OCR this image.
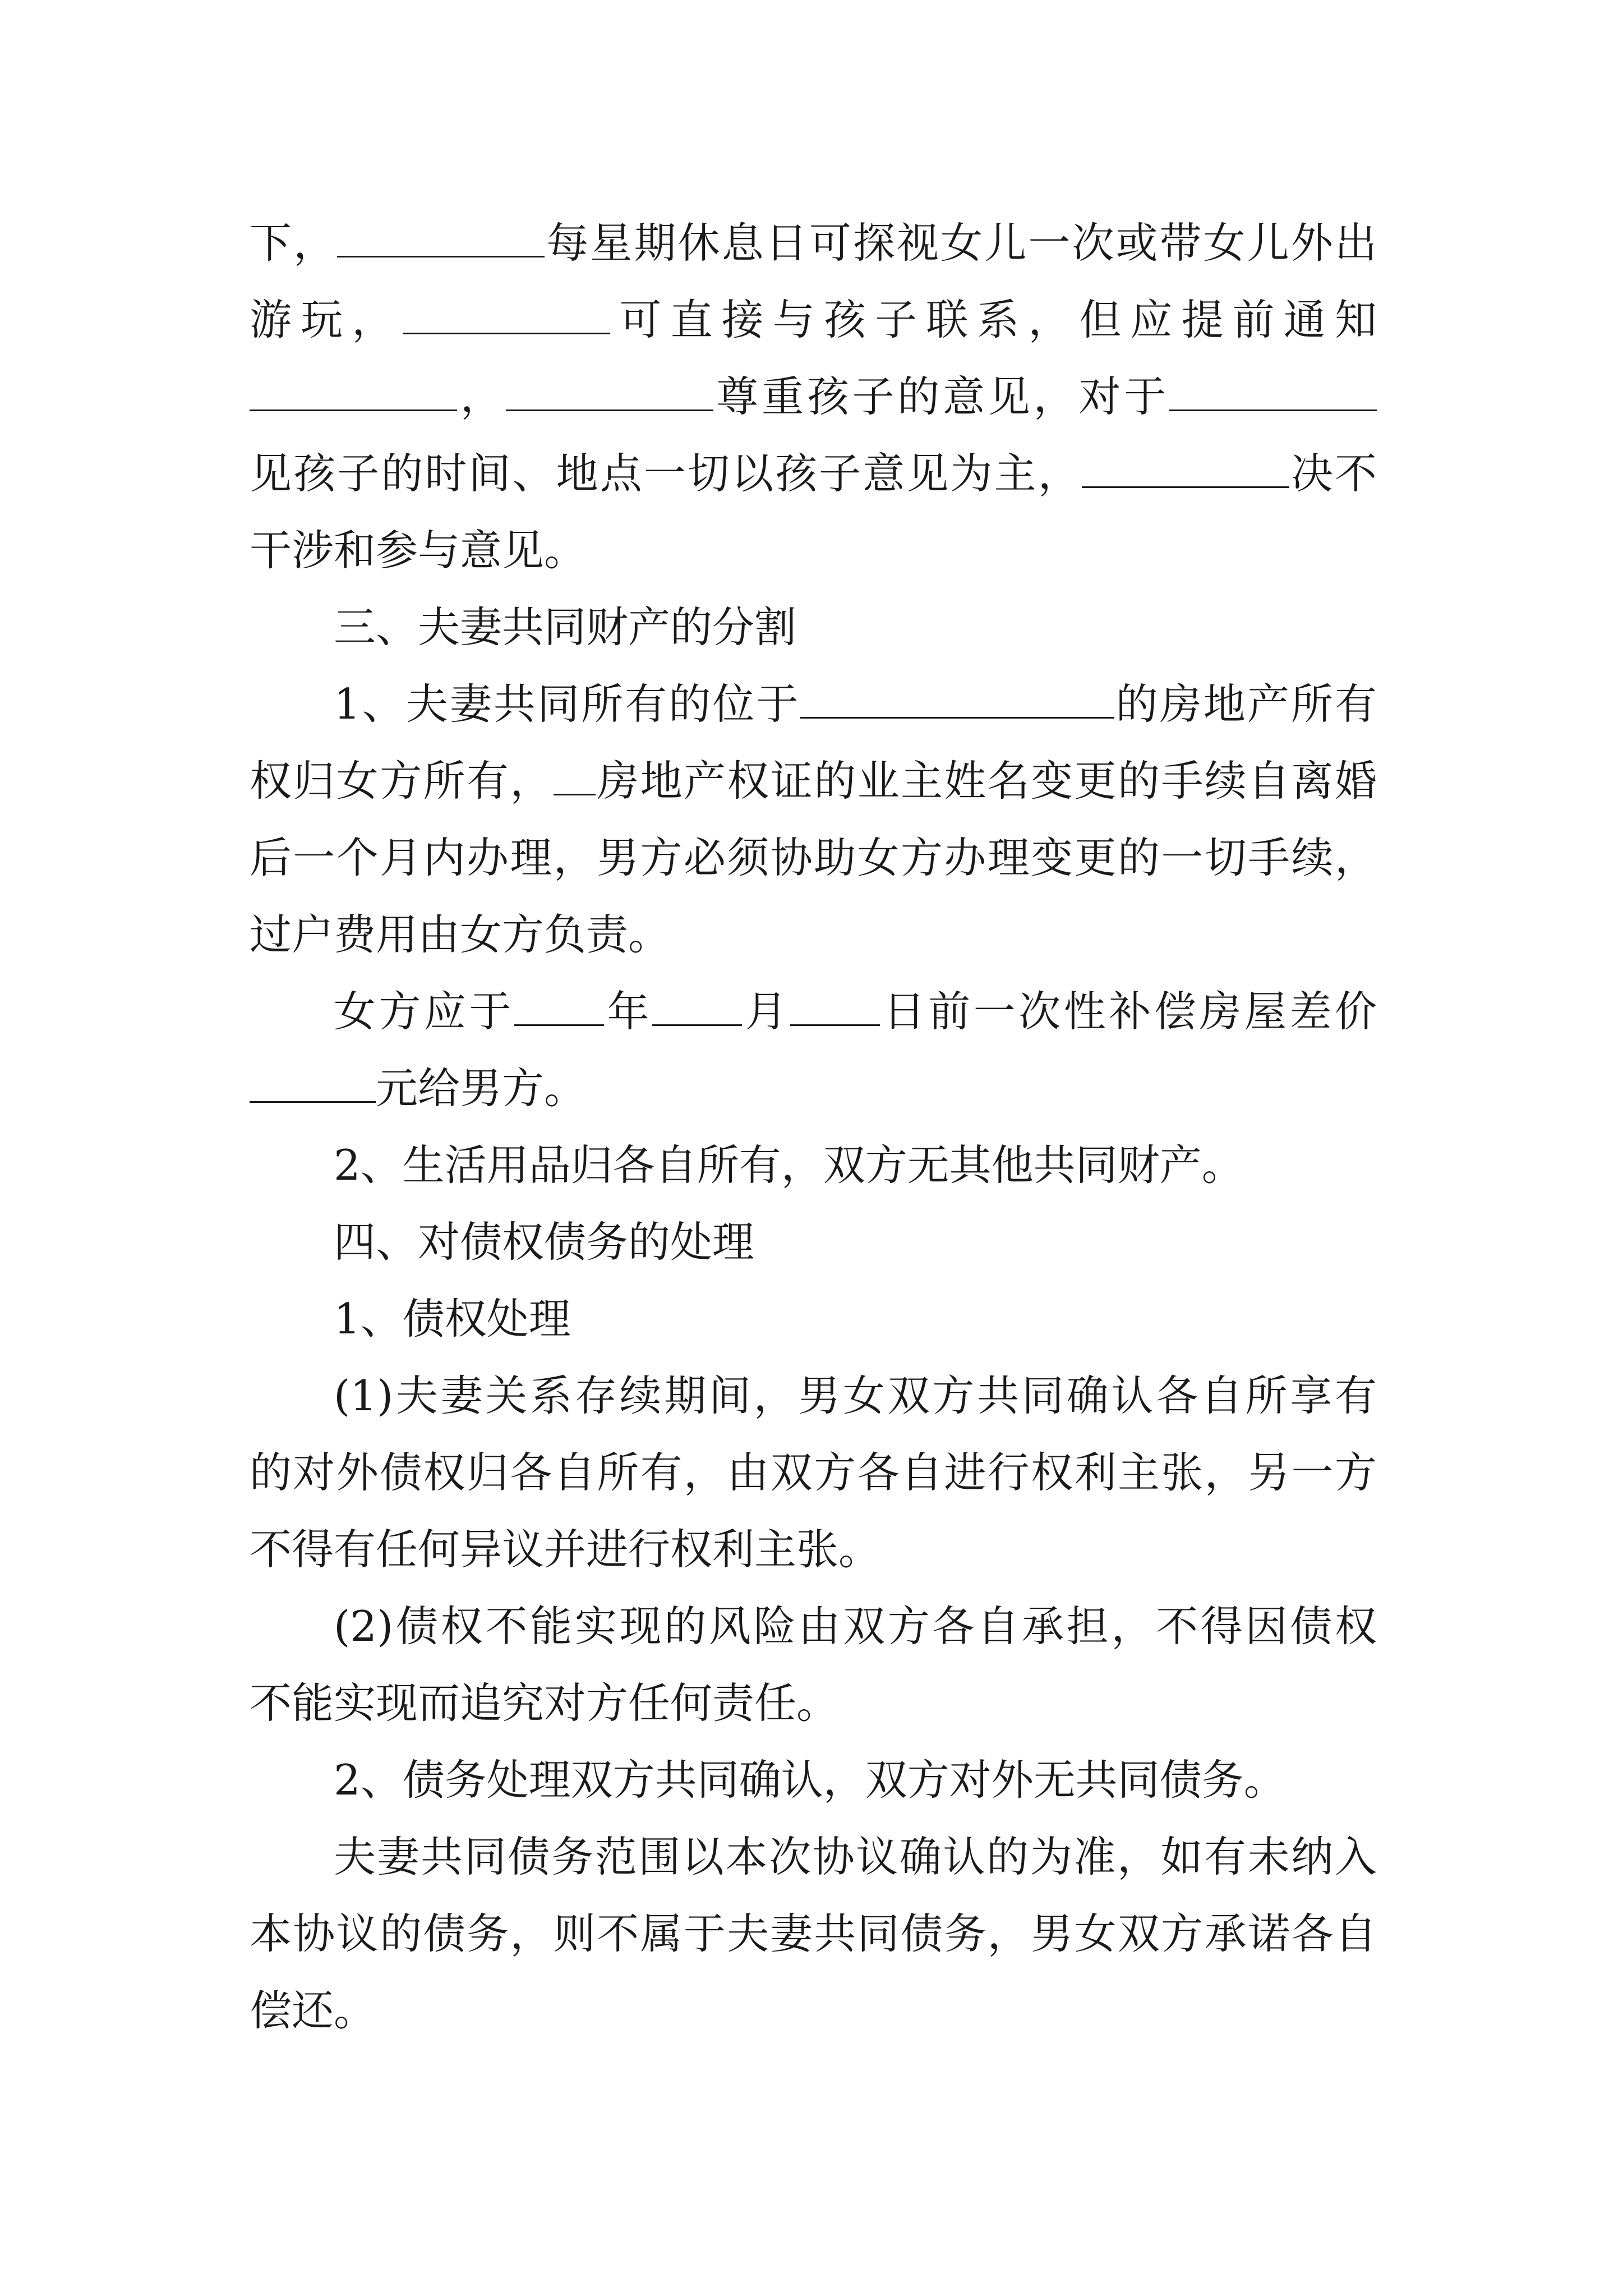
下，	每星期休息日可探视女儿一次或带女儿外出
游玩，	可直接与孩子联系，但应提前通知
，	尊重孩子的意见，对于
见孩子的时间、地点一切以孩子意见为主，	决不
干涉和参与意见。
三、夫妻共同财产的分割
1、夫妻共同所有的位于	的房地产所有
权归女方所有， 房地产权证的业主姓名变更的手续自离婚
后一个月内办理，男方必须协助女方办理变更的一切手续，
过户费用由女方负责。
女方应于 年 月 日前一次性补偿房屋差价
元给男方。
2、生活用品归各自所有，双方无其他共同财产。
四、对债权债务的处理
1、债权处理
(1)夫妻关系存续期间，男女双方共同确认各自所享有
的对外债权归各自所有，由双方各自进行权利主张，另一方
不得有任何异议并进行权利主张。
(2)债权不能实现的风险由双方各自承担，不得因债权
不能实现而追究对方任何责任。
2、债务处理双方共同确认，双方对外无共同债务。
夫妻共同债务范围以本次协议确认的为准，如有未纳入
本协议的债务，则不属于夫妻共同债务，男女双方承诺各自
偿还。
